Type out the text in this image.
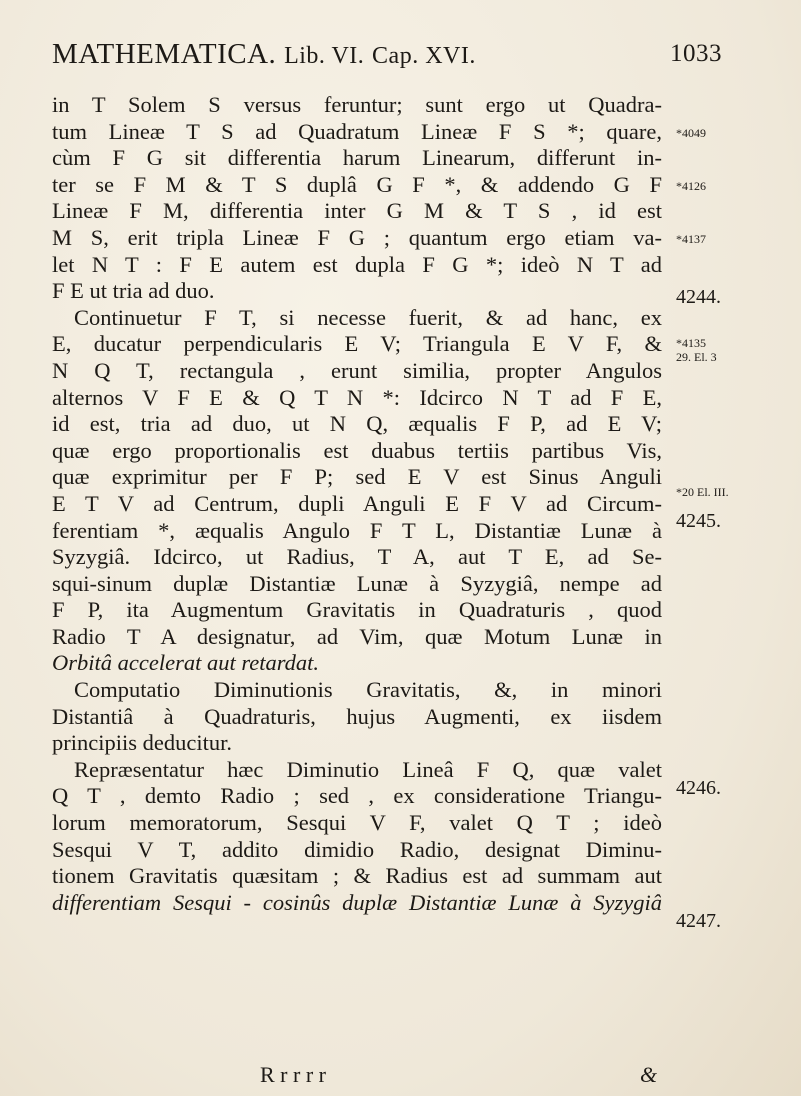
MATHEMATICA. Lib. VI. Cap. XVI.	1033
in T Solem S versus feruntur; sunt ergo ut Quadra-
tum Lineæ T S ad Quadratum Lineæ F S *; quare,
cùm F G sit differentia harum Linearum, differunt in-
ter se F M & T S duplâ G F *, & addendo G F
Lineæ F M, differentia inter G M & T S , id est
M S, erit tripla Lineæ F G ; quantum ergo etiam va-
let N T : F E autem est dupla F G *; ideò N T ad
F E ut tria ad duo.
Continuetur F T, si necesse fuerit, & ad hanc, ex
E, ducatur perpendicularis E V; Triangula E V F, &
N Q T, rectangula , erunt similia, propter Angulos
alternos V F E & Q T N *: Idcirco N T ad F E,
id est, tria ad duo, ut N Q, æqualis F P, ad E V;
quæ ergo proportionalis est duabus tertiis partibus Vis,
quæ exprimitur per F P; sed E V est Sinus Anguli
E T V ad Centrum, dupli Anguli E F V ad Circum-
ferentiam *, æqualis Angulo F T L, Distantiæ Lunæ à
Syzygiâ. Idcirco, ut Radius, T A, aut T E, ad Se-
squi-sinum duplæ Distantiæ Lunæ à Syzygiâ, nempe ad
F P, ita Augmentum Gravitatis in Quadraturis , quod
Radio T A designatur, ad Vim, quæ Motum Lunæ in
Orbitâ accelerat aut retardat.
Computatio Diminutionis Gravitatis, &, in minori
Distantiâ à Quadraturis, hujus Augmenti, ex iisdem
principiis deducitur.
Repræsentatur hæc Diminutio Lineâ F Q, quæ valet
Q T , demto Radio ; sed , ex consideratione Triangu-
lorum memoratorum, Sesqui V F, valet Q T ; ideò
Sesqui V T, addito dimidio Radio, designat Diminu-
tionem Gravitatis quæsitam ; & Radius est ad summam aut
differentiam Sesqui - cosinûs duplæ Distantiæ Lunæ à Syzygiâ
*4049
*4126
*4137
4244.
*4135
29. El. 3
*20 El. III.
4245.
4246.
4247.
R r r r r	&
